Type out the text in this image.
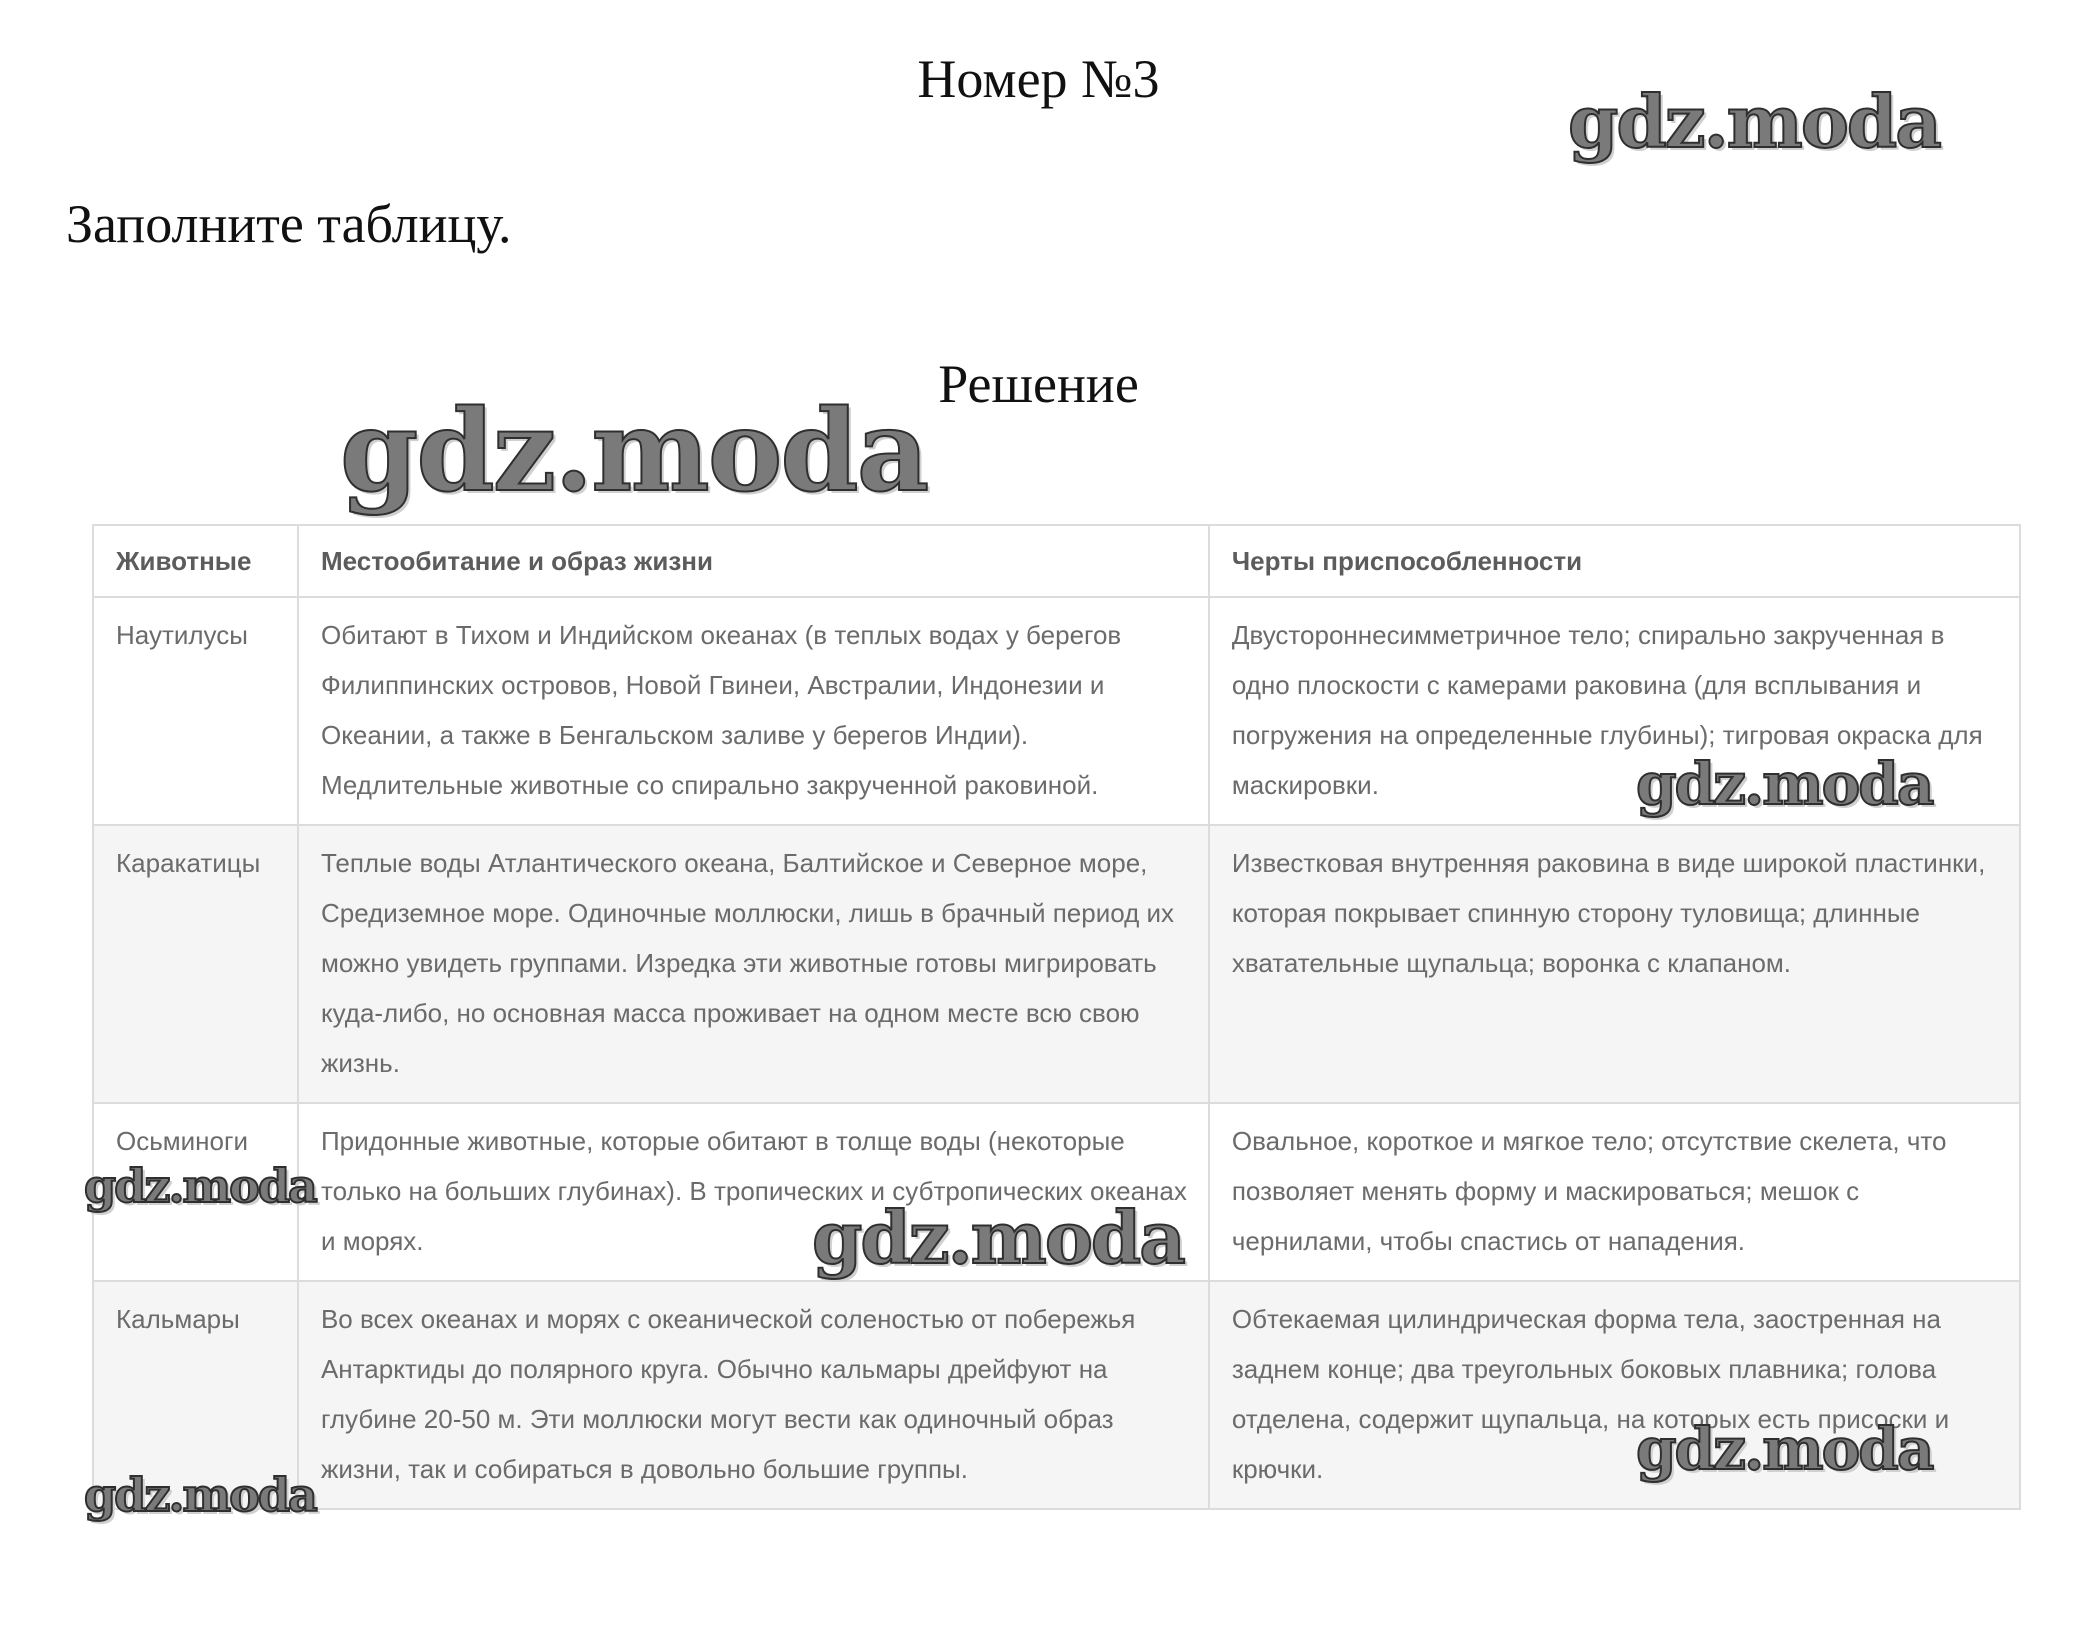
Номер №3

Заполните таблицу.

Решение
Животные	Местообитание и образ жизни	Черты приспособленности
Наутилусы	Обитают в Тихом и Индийском океанах (в теплых водах у берегов Филиппинских островов, Новой Гвинеи, Австралии, Индонезии и Океании, а также в Бенгальском заливе у берегов Индии). Медлительные животные со спирально закрученной раковиной.	Двустороннесимметричное тело; спирально закрученная в одно плоскости с камерами раковина (для всплывания и погружения на определенные глубины); тигровая окраска для маскировки.
Каракатицы	Теплые воды Атлантического океана, Балтийское и Северное море, Средиземное море. Одиночные моллюски, лишь в брачный период их можно увидеть группами. Изредка эти животные готовы мигрировать куда-либо, но основная масса проживает на одном месте всю свою жизнь.	Известковая внутренняя раковина в виде широкой пластинки, которая покрывает спинную сторону туловища; длинные хватательные щупальца; воронка с клапаном.
Осьминоги	Придонные животные, которые обитают в толще воды (некоторые только на больших глубинах). В тропических и субтропических океанах и морях.	Овальное, короткое и мягкое тело; отсутствие скелета, что позволяет менять форму и маскироваться; мешок с чернилами, чтобы спастись от нападения.
Кальмары	Во всех океанах и морях с океанической соленостью от побережья Антарктиды до полярного круга. Обычно кальмары дрейфуют на глубине 20-50 м. Эти моллюски могут вести как одиночный образ жизни, так и собираться в довольно большие группы.	Обтекаемая цилиндрическая форма тела, заостренная на заднем конце; два треугольных боковых плавника; голова отделена, содержит щупальца, на которых есть присоски и крючки.
gdz.moda
gdz.moda
gdz.moda
gdz.moda
gdz.moda
gdz.moda
gdz.moda
